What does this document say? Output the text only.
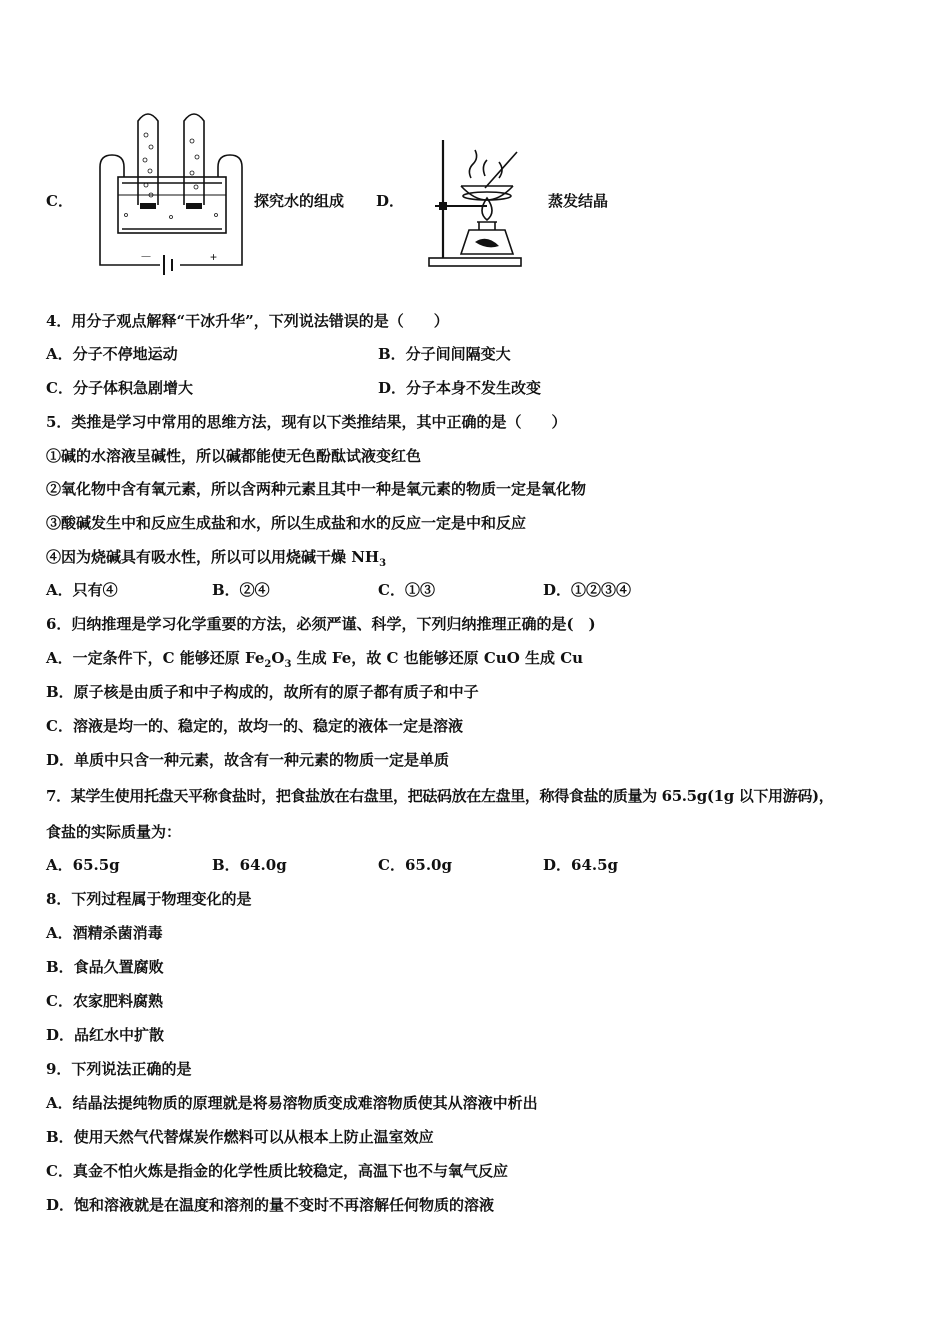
C．
－	+
探究水的组成 D．	蒸发结晶
4．用分子观点解释“干冰升华”，下列说法错误的是（　　）
A．分子不停地运动	B．分子间间隔变大
C．分子体积急剧增大	D．分子本身不发生改变
5．类推是学习中常用的思维方法，现有以下类推结果，其中正确的是（　　）
①碱的水溶液呈碱性，所以碱都能使无色酚酞试液变红色
②氧化物中含有氧元素，所以含两种元素且其中一种是氧元素的物质一定是氧化物
③酸碱发生中和反应生成盐和水，所以生成盐和水的反应一定是中和反应
④因为烧碱具有吸水性，所以可以用烧碱干燥 $NH_3$
A．只有④	B．②④	C．①③	D．①②③④
6．归纳推理是学习化学重要的方法，必须严谨、科学，下列归纳推理正确的是(　)
A．一定条件下，C 能够还原 $Fe_2O_3$ 生成 Fe，故 C 也能够还原 CuO 生成 Cu
B．原子核是由质子和中子构成的，故所有的原子都有质子和中子
C．溶液是均一的、稳定的，故均一的、稳定的液体一定是溶液
D．单质中只含一种元素，故含有一种元素的物质一定是单质
7．某学生使用托盘天平称食盐时，把食盐放在右盘里，把砝码放在左盘里，称得食盐的质量为 65.5g(1g 以下用游码)，
食盐的实际质量为：
A．65.5g	B．64.0g	C．65.0g	D．64.5g
8．下列过程属于物理变化的是
A．酒精杀菌消毒
B．食品久置腐败
C．农家肥料腐熟
D．品红水中扩散
9．下列说法正确的是
A．结晶法提纯物质的原理就是将易溶物质变成难溶物质使其从溶液中析出
B．使用天然气代替煤炭作燃料可以从根本上防止温室效应
C．真金不怕火炼是指金的化学性质比较稳定，高温下也不与氧气反应
D．饱和溶液就是在温度和溶剂的量不变时不再溶解任何物质的溶液
